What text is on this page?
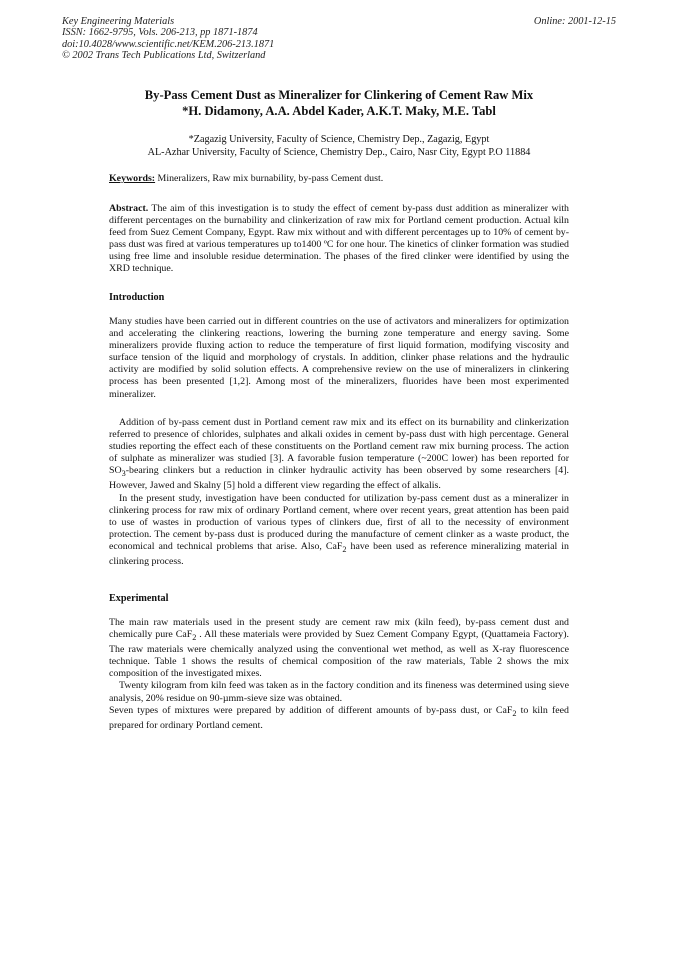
Key Engineering Materials
ISSN: 1662-9795, Vols. 206-213, pp 1871-1874
doi:10.4028/www.scientific.net/KEM.206-213.1871
© 2002 Trans Tech Publications Ltd, Switzerland
Online: 2001-12-15
By-Pass Cement Dust as Mineralizer for Clinkering of Cement Raw Mix
*H. Didamony, A.A. Abdel Kader, A.K.T. Maky, M.E. Tabl
*Zagazig University, Faculty of Science, Chemistry Dep., Zagazig, Egypt
AL-Azhar University, Faculty of Science, Chemistry Dep., Cairo, Nasr City, Egypt P.O 11884
Keywords: Mineralizers, Raw mix burnability, by-pass Cement dust.

Abstract. The aim of this investigation is to study the effect of cement by-pass dust addition as mineralizer with different percentages on the burnability and clinkerization of raw mix for Portland cement production. Actual kiln feed from Suez Cement Company, Egypt. Raw mix without and with different percentages up to 10% of cement by-pass dust was fired at various temperatures up to1400 ºC for one hour. The kinetics of clinker formation was studied using free lime and insoluble residue determination. The phases of the fired clinker were identified by using the XRD technique.

Introduction

Many studies have been carried out in different countries on the use of activators and mineralizers for optimization and accelerating the clinkering reactions, lowering the burning zone temperature and energy saving. Some mineralizers provide fluxing action to reduce the temperature of first liquid formation, modifying viscosity and surface tension of the liquid and morphology of crystals. In addition, clinker phase relations and the hydraulic activity are modified by solid solution effects. A comprehensive review on the use of mineralizers in clinkering process has been presented [1,2]. Among most of the mineralizers, fluorides have been most experimented mineralizer.

Addition of by-pass cement dust in Portland cement raw mix and its effect on its burnability and clinkerization referred to presence of chlorides, sulphates and alkali oxides in cement by-pass dust with high percentage. General studies reporting the effect each of these constituents on the Portland cement raw mix burning process. The action of sulphate as mineralizer was studied [3]. A favorable fusion temperature (~200C lower) has been reported for $SO_3$-bearing clinkers but a reduction in clinker hydraulic activity has been observed by some researchers [4]. However, Jawed and Skalny [5] hold a different view regarding the effect of alkalis.

In the present study, investigation have been conducted for utilization by-pass cement dust as a mineralizer in clinkering process for raw mix of ordinary Portland cement, where over recent years, great attention has been paid to use of wastes in production of various types of clinkers due, first of all to the necessity of environment protection. The cement by-pass dust is produced during the manufacture of cement clinker as a waste product, the economical and technical problems that arise. Also, CaF$_2$ have been used as reference mineralizing material in clinkering process.

Experimental

The main raw materials used in the present study are cement raw mix (kiln feed), by-pass cement dust and chemically pure CaF$_2$ . All these materials were provided by Suez Cement Company Egypt, (Quattameia Factory). The raw materials were chemically analyzed using the conventional wet method, as well as X-ray fluorescence technique. Table 1 shows the results of chemical composition of the raw materials, Table 2 shows the mix composition of the investigated mixes.

Twenty kilogram from kiln feed was taken as in the factory condition and its fineness was determined using sieve analysis, 20% residue on 90-µmm-sieve size was obtained.

Seven types of mixtures were prepared by addition of different amounts of by-pass dust, or CaF$_2$ to kiln feed prepared for ordinary Portland cement.
